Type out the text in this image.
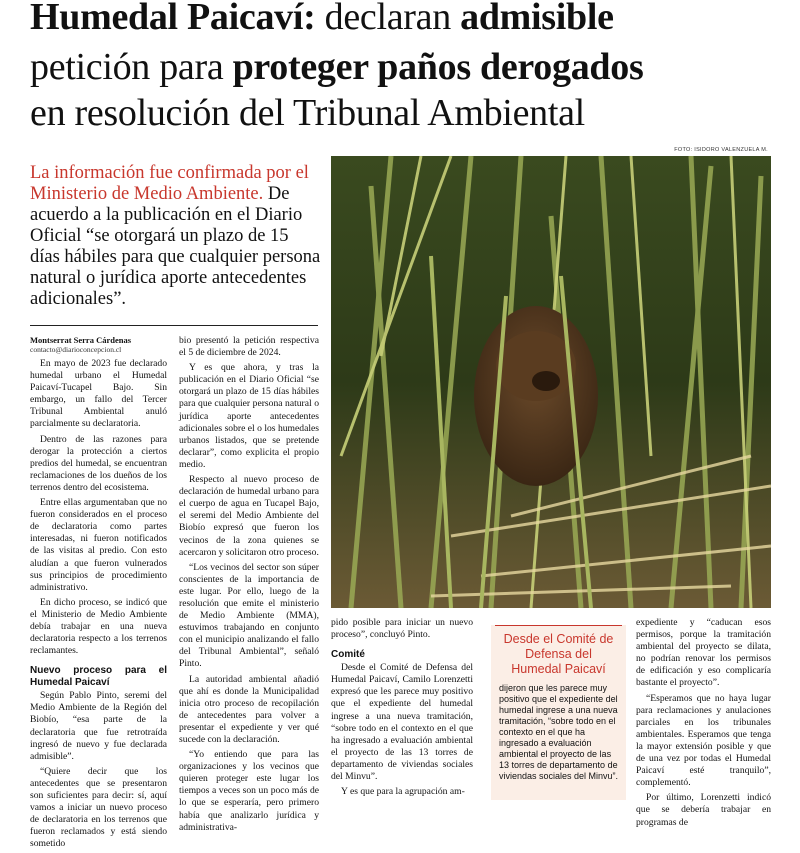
Humedal Paicaví: declaran admisible
petición para proteger paños derogados
en resolución del Tribunal Ambiental
La información fue confirmada por el Ministerio de Medio Ambiente. De acuerdo a la publicación en el Diario Oficial “se otorgará un plazo de 15 días hábiles para que cualquier persona natural o jurídica aporte antecedentes adicionales”.
FOTO: ISIDORO VALENZUELA M.
Montserrat Serra Cárdenas
contacto@diarioconcepcion.cl

En mayo de 2023 fue declarado humedal urbano el Humedal Paicaví-Tucapel Bajo. Sin embargo, un fallo del Tercer Tribunal Ambiental anuló parcialmente su declaratoria.

Dentro de las razones para derogar la protección a ciertos predios del humedal, se encuentran reclamaciones de los dueños de los terrenos dentro del ecosistema.

Entre ellas argumentaban que no fueron considerados en el proceso de declaratoria como partes interesadas, ni fueron notificados de las visitas al predio. Con esto aludían a que fueron vulnerados sus principios de procedimiento administrativo.

En dicho proceso, se indicó que el Ministerio de Medio Ambiente debía trabajar en una nueva declaratoria respecto a los terrenos reclamantes.

Nuevo proceso para el Humedal Paicaví

Según Pablo Pinto, seremi del Medio Ambiente de la Región del Biobío, “esa parte de la declaratoria que fue retrotraída ingresó de nuevo y fue declarada admisible”.

“Quiere decir que los antecedentes que se presentaron son suficientes para decir: sí, aquí vamos a iniciar un nuevo proceso de declaratoria en los terrenos que fueron reclamados y está siendo sometido

bio presentó la petición respectiva el 5 de diciembre de 2024.

Y es que ahora, y tras la publicación en el Diario Oficial “se otorgará un plazo de 15 días hábiles para que cualquier persona natural o jurídica aporte antecedentes adicionales sobre el o los humedales urbanos listados, que se pretende declarar”, como explicita el propio medio.

Respecto al nuevo proceso de declaración de humedal urbano para el cuerpo de agua en Tucapel Bajo, el seremi del Medio Ambiente del Biobío expresó que fueron los vecinos de la zona quienes se acercaron y solicitaron otro proceso.

“Los vecinos del sector son súper conscientes de la importancia de este lugar. Por ello, luego de la resolución que emite el ministerio de Medio Ambiente (MMA), estuvimos trabajando en conjunto con el municipio analizando el fallo del Tribunal Ambiental”, señaló Pinto.

La autoridad ambiental añadió que ahí es donde la Municipalidad inicia otro proceso de recopilación de antecedentes para volver a presentar el expediente y ver qué sucede con la declaración.

“Yo entiendo que para las organizaciones y los vecinos que quieren proteger este lugar los tiempos a veces son un poco más de lo que se esperaría, pero primero había que analizarlo jurídica y administrativa-

pido posible para iniciar un nuevo proceso”, concluyó Pinto.

Comité

Desde el Comité de Defensa del Humedal Paicaví, Camilo Lorenzetti expresó que les parece muy positivo que el expediente del humedal ingrese a una nueva tramitación, “sobre todo en el contexto en el que ha ingresado a evaluación ambiental el proyecto de las 13 torres de departamento de viviendas sociales del Minvu”.

Y es que para la agrupación am-

Desde el Comité de Defensa del Humedal Paicaví
dijeron que les parece muy positivo que el expediente del humedal ingrese a una nueva tramitación, “sobre todo en el contexto en el que ha ingresado a evaluación ambiental el proyecto de las 13 torres de departamento de viviendas sociales del Minvu”.

expediente y “caducan esos permisos, porque la tramitación ambiental del proyecto se dilata, no podrían renovar los permisos de edificación y eso complicaría bastante el proyecto”.

“Esperamos que no haya lugar para reclamaciones y anulaciones parciales en los tribunales ambientales. Esperamos que tenga la mayor extensión posible y que de una vez por todas el Humedal Paicaví esté tranquilo”, complementó.

Por último, Lorenzetti indicó que se debería trabajar en programas de
